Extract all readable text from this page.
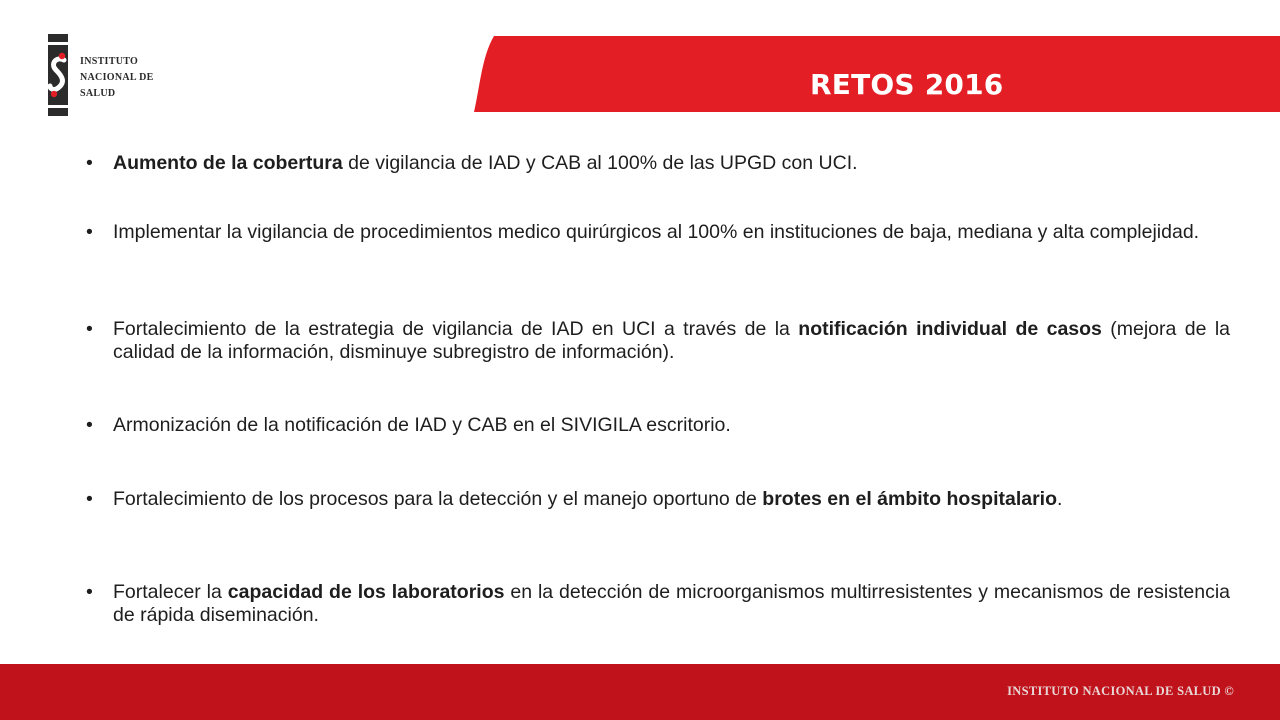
INSTITUTO
NACIONAL DE
SALUD	RETOS 2016
•	Aumento de la cobertura de vigilancia de IAD y CAB al 100% de las UPGD con UCI.
•	Implementar la vigilancia de procedimientos medico quirúrgicos al 100% en instituciones de baja, mediana y alta complejidad.
•	Fortalecimiento de la estrategia de vigilancia de IAD en UCI a través de la notificación individual de casos (mejora de la calidad de la información, disminuye subregistro de información).
•	Armonización de la notificación de IAD y CAB en el SIVIGILA escritorio.
•	Fortalecimiento de los procesos para la detección y el manejo oportuno de brotes en el ámbito hospitalario.
•	Fortalecer la capacidad de los laboratorios en la detección de microorganismos multirresistentes y mecanismos de resistencia de rápida diseminación.
INSTITUTO NACIONAL DE SALUD ©
